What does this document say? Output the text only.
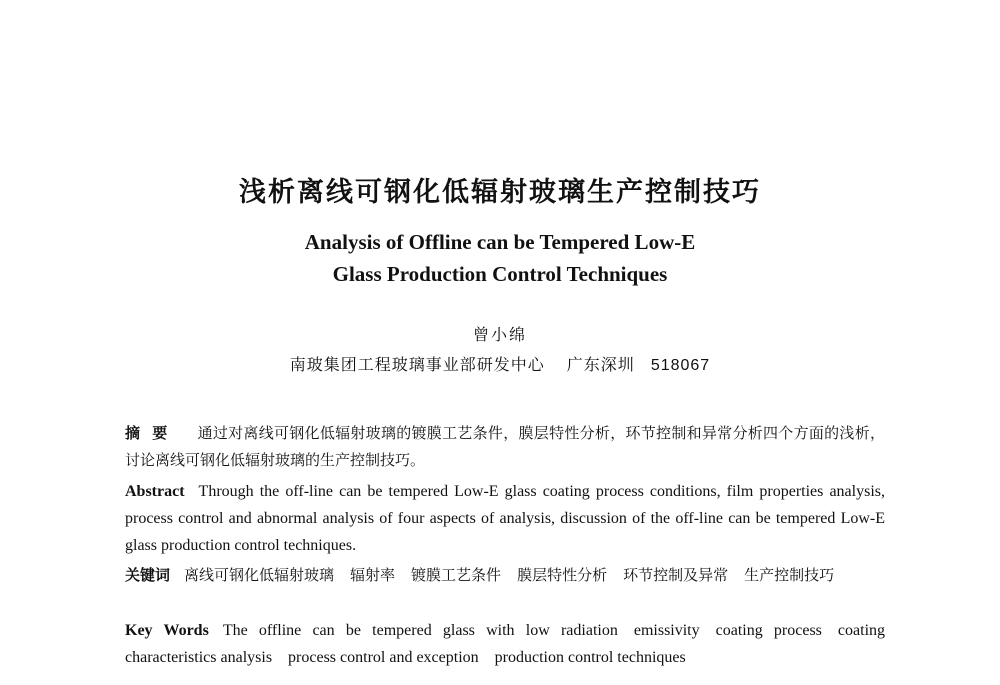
浅析离线可钢化低辐射玻璃生产控制技巧
Analysis of Offline can be Tempered Low-E
Glass Production Control Techniques
曾小绵
南玻集团工程玻璃事业部研发中心 广东深圳 518067
摘要 通过对离线可钢化低辐射玻璃的镀膜工艺条件，膜层特性分析，环节控制和异常分析四个方面的浅析，讨论离线可钢化低辐射玻璃的生产控制技巧。
Abstract Through the off-line can be tempered Low-E glass coating process conditions, film properties analysis, process control and abnormal analysis of four aspects of analysis, discussion of the off-line can be tempered Low-E glass production control techniques.
关键词 离线可钢化低辐射玻璃 辐射率 镀膜工艺条件 膜层特性分析 环节控制及异常 生产控制技巧
Key Words The offline can be tempered glass with low radiation emissivity coating process coating characteristics analysis process control and exception production control techniques
